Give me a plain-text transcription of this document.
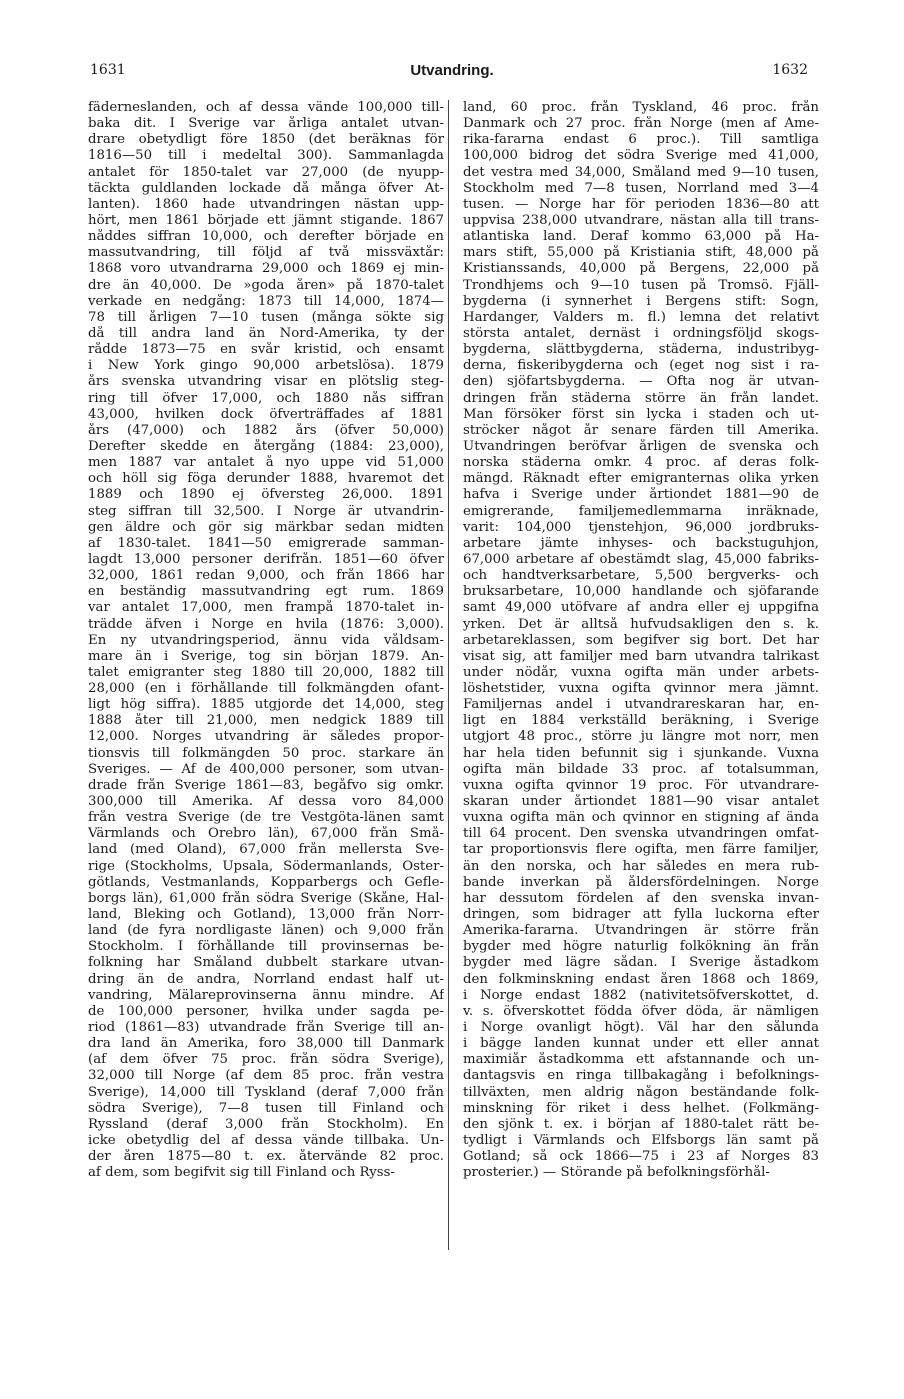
1631	Utvandring.	1632
fäderneslanden, och af dessa vände 100,000 till-
baka dit. I Sverige var årliga antalet utvan-
drare obetydligt före 1850 (det beräknas för
1816—50 till i medeltal 300). Sammanlagda
antalet för 1850-talet var 27,000 (de nyupp-
täckta guldlanden lockade då många öfver At-
lanten). 1860 hade utvandringen nästan upp-
hört, men 1861 började ett jämnt stigande. 1867
nåddes siffran 10,000, och derefter började en
massutvandring, till följd af två missväxtår:
1868 voro utvandrarna 29,000 och 1869 ej min-
dre än 40,000. De »goda åren» på 1870-talet
verkade en nedgång: 1873 till 14,000, 1874—
78 till årligen 7—10 tusen (många sökte sig
då till andra land än Nord-Amerika, ty der
rådde 1873—75 en svår kristid, och ensamt
i New York gingo 90,000 arbetslösa). 1879
års svenska utvandring visar en plötslig steg-
ring till öfver 17,000, och 1880 nås siffran
43,000, hvilken dock öfverträffades af 1881
års (47,000) och 1882 års (öfver 50,000)
Derefter skedde en återgång (1884: 23,000),
men 1887 var antalet å nyo uppe vid 51,000
och höll sig föga derunder 1888, hvaremot det
1889 och 1890 ej öfversteg 26,000. 1891
steg siffran till 32,500. I Norge är utvandrin-
gen äldre och gör sig märkbar sedan midten
af 1830-talet. 1841—50 emigrerade samman-
lagdt 13,000 personer derifrån. 1851—60 öfver
32,000, 1861 redan 9,000, och från 1866 har
en beständig massutvandring egt rum. 1869
var antalet 17,000, men frampå 1870-talet in-
trädde äfven i Norge en hvila (1876: 3,000).
En ny utvandringsperiod, ännu vida våldsam-
mare än i Sverige, tog sin början 1879. An-
talet emigranter steg 1880 till 20,000, 1882 till
28,000 (en i förhållande till folkmängden ofant-
ligt hög siffra). 1885 utgjorde det 14,000, steg
1888 åter till 21,000, men nedgick 1889 till
12,000. Norges utvandring är således propor-
tionsvis till folkmängden 50 proc. starkare än
Sveriges. — Af de 400,000 personer, som utvan-
drade från Sverige 1861—83, begåfvo sig omkr.
300,000 till Amerika. Af dessa voro 84,000
från vestra Sverige (de tre Vestgöta-länen samt
Värmlands och Örebro län), 67,000 från Små-
land (med Öland), 67,000 från mellersta Sve-
rige (Stockholms, Upsala, Södermanlands, Öster-
götlands, Vestmanlands, Kopparbergs och Gefle-
borgs län), 61,000 från södra Sverige (Skåne, Hal-
land, Bleking och Gotland), 13,000 från Norr-
land (de fyra nordligaste länen) och 9,000 från
Stockholm. I förhållande till provinsernas be-
folkning har Småland dubbelt starkare utvan-
dring än de andra, Norrland endast half ut-
vandring, Mälareprovinserna ännu mindre. Af
de 100,000 personer, hvilka under sagda pe-
riod (1861—83) utvandrade från Sverige till an-
dra land än Amerika, foro 38,000 till Danmark
(af dem öfver 75 proc. från södra Sverige),
32,000 till Norge (af dem 85 proc. från vestra
Sverige), 14,000 till Tyskland (deraf 7,000 från
södra Sverige), 7—8 tusen till Finland och
Ryssland (deraf 3,000 från Stockholm). En
icke obetydlig del af dessa vände tillbaka. Un-
der åren 1875—80 t. ex. återvände 82 proc.
af dem, som begifvit sig till Finland och Ryss-
land, 60 proc. från Tyskland, 46 proc. från
Danmark och 27 proc. från Norge (men af Ame-
rika-fararna endast 6 proc.). Till samtliga
100,000 bidrog det södra Sverige med 41,000,
det vestra med 34,000, Småland med 9—10 tusen,
Stockholm med 7—8 tusen, Norrland med 3—4
tusen. — Norge har för perioden 1836—80 att
uppvisa 238,000 utvandrare, nästan alla till trans-
atlantiska land. Deraf kommo 63,000 på Ha-
mars stift, 55,000 på Kristiania stift, 48,000 på
Kristianssands, 40,000 på Bergens, 22,000 på
Trondhjems och 9—10 tusen på Tromsö. Fjäll-
bygderna (i synnerhet i Bergens stift: Sogn,
Hardanger, Valders m. fl.) lemna det relativt
största antalet, dernäst i ordningsföljd skogs-
bygderna, slättbygderna, städerna, industribyg-
derna, fiskeribygderna och (eget nog sist i ra-
den) sjöfartsbygderna. — Ofta nog är utvan-
dringen från städerna större än från landet.
Man försöker först sin lycka i staden och ut-
ströcker något år senare färden till Amerika.
Utvandringen beröfvar årligen de svenska och
norska städerna omkr. 4 proc. af deras folk-
mängd. Räknadt efter emigranternas olika yrken
hafva i Sverige under årtiondet 1881—90 de
emigrerande, familjemedlemmarna inräknade,
varit: 104,000 tjenstehjon, 96,000 jordbruks-
arbetare jämte inhyses- och backstuguhjon,
67,000 arbetare af obestämdt slag, 45,000 fabriks-
och handtverksarbetare, 5,500 bergverks- och
bruksarbetare, 10,000 handlande och sjöfarande
samt 49,000 utöfvare af andra eller ej uppgifna
yrken. Det är alltså hufvudsakligen den s. k.
arbetareklassen, som begifver sig bort. Det har
visat sig, att familjer med barn utvandra talrikast
under nödår, vuxna ogifta män under arbets-
löshetstider, vuxna ogifta qvinnor mera jämnt.
Familjernas andel i utvandrareskaran har, en-
ligt en 1884 verkställd beräkning, i Sverige
utgjort 48 proc., större ju längre mot norr, men
har hela tiden befunnit sig i sjunkande. Vuxna
ogifta män bildade 33 proc. af totalsumman,
vuxna ogifta qvinnor 19 proc. För utvandrare-
skaran under årtiondet 1881—90 visar antalet
vuxna ogifta män och qvinnor en stigning af ända
till 64 procent. Den svenska utvandringen omfat-
tar proportionsvis flere ogifta, men färre familjer,
än den norska, och har således en mera rub-
bande inverkan på åldersfördelningen. Norge
har dessutom fördelen af den svenska invan-
dringen, som bidrager att fylla luckorna efter
Amerika-fararna. Utvandringen är större från
bygder med högre naturlig folkökning än från
bygder med lägre sådan. I Sverige åstadkom
den folkminskning endast åren 1868 och 1869,
i Norge endast 1882 (nativitetsöfverskottet, d.
v. s. öfverskottet födda öfver döda, är nämligen
i Norge ovanligt högt). Väl har den sålunda
i bägge landen kunnat under ett eller annat
maximiår åstadkomma ett afstannande och un-
dantagsvis en ringa tillbakagång i befolknings-
tillväxten, men aldrig någon beständande folk-
minskning för riket i dess helhet. (Folkmäng-
den sjönk t. ex. i början af 1880-talet rätt be-
tydligt i Värmlands och Elfsborgs län samt på
Gotland; så ock 1866—75 i 23 af Norges 83
prosterier.) — Störande på befolkningsförhål-
